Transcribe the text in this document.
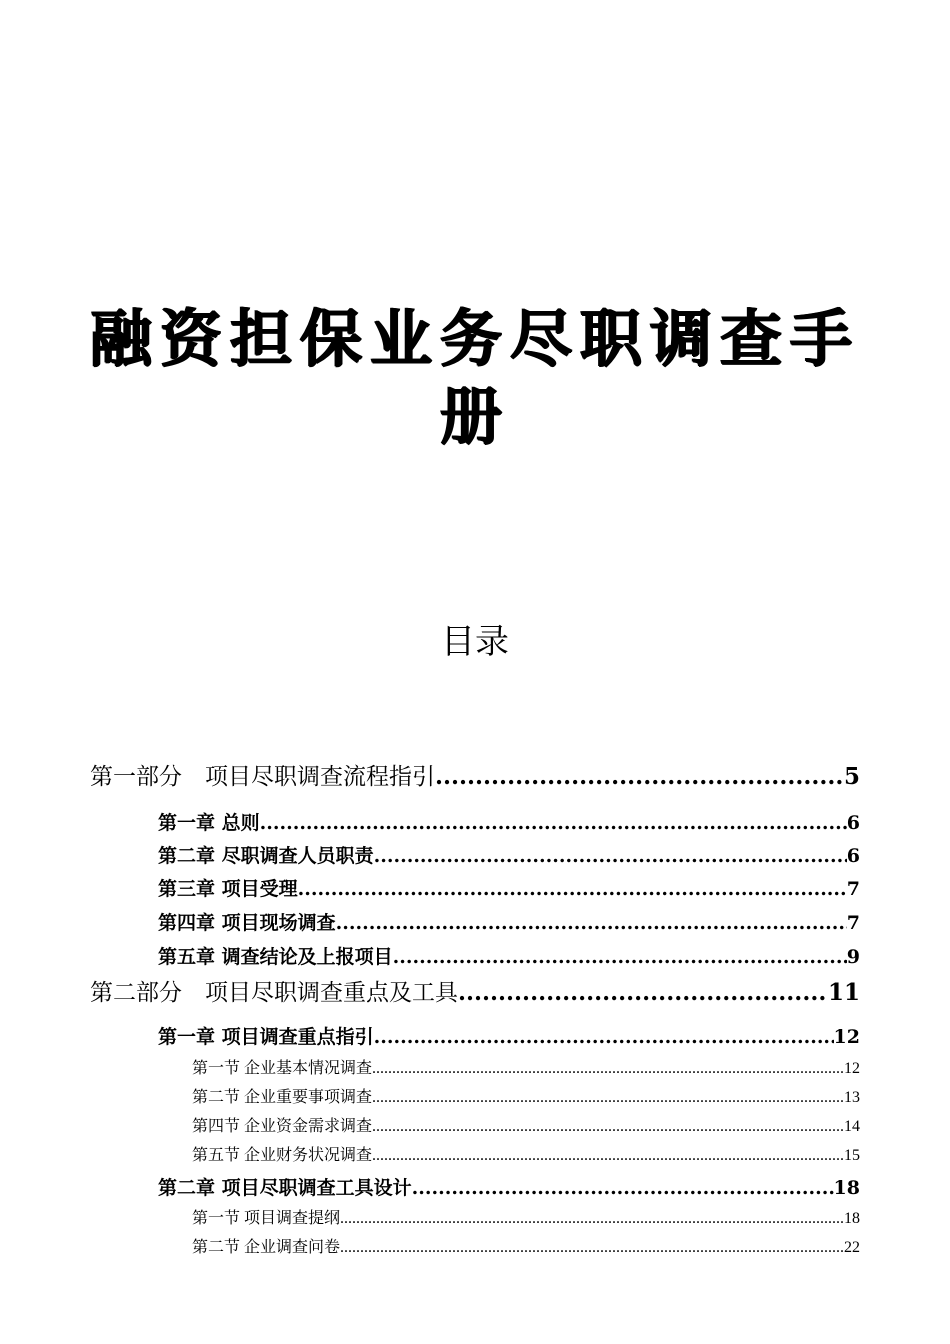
融资担保业务尽职调查手册
目录
第一部分　项目尽职调查流程指引 .....	5
第一章 总则 .....	6
第二章 尽职调查人员职责 .....	6
第三章 项目受理 .....	7
第四章 项目现场调查 .....	7
第五章 调查结论及上报项目 .....	9
第二部分　项目尽职调查重点及工具 .....	11
第一章 项目调查重点指引 .....	12
第一节 企业基本情况调查 .....	12
第二节 企业重要事项调查 .....	13
第四节 企业资金需求调查 .....	14
第五节 企业财务状况调查 .....	15
第二章 项目尽职调查工具设计 .....	18
第一节 项目调查提纲 .....	18
第二节 企业调查问卷 .....	22
